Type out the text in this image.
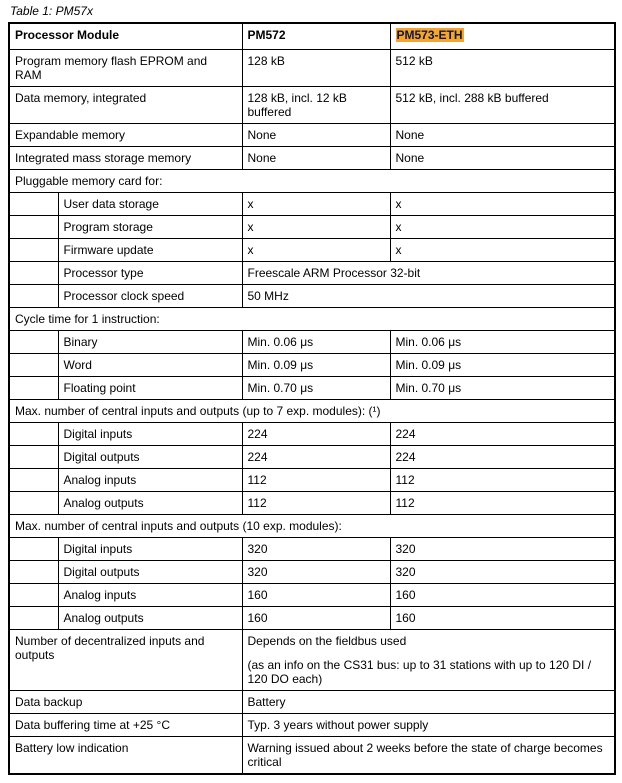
Table 1: PM57x
Processor Module		PM572	PM573-ETH
Program memory flash EPROM and RAM		128 kB	512 kB
Data memory, integrated		128 kB, incl. 12 kB buffered	512 kB, incl. 288 kB buffered
Expandable memory		None	None
Integrated mass storage memory		None	None
Pluggable memory card for:			
	User data storage	x	x
	Program storage	x	x
	Firmware update	x	x
	Processor type	Freescale ARM Processor 32-bit	
	Processor clock speed	50 MHz	
Cycle time for 1 instruction:			
	Binary	Min. 0.06 μs	Min. 0.06 μs
	Word	Min. 0.09 μs	Min. 0.09 μs
	Floating point	Min. 0.70 μs	Min. 0.70 μs
Max. number of central inputs and outputs (up to 7 exp. modules): (¹)			
	Digital inputs	224	224
	Digital outputs	224	224
	Analog inputs	112	112
	Analog outputs	112	112
Max. number of central inputs and outputs (10 exp. modules):			
	Digital inputs	320	320
	Digital outputs	320	320
	Analog inputs	160	160
	Analog outputs	160	160
Number of decentralized inputs and outputs		Depends on the fieldbus used

(as an info on the CS31 bus: up to 31 stations with up to 120 DI / 120 DO each)	

Data backup		Battery	
Data buffering time at +25 °C		Typ. 3 years without power supply	
Battery low indication		Warning issued about 2 weeks before the state of charge becomes critical	
